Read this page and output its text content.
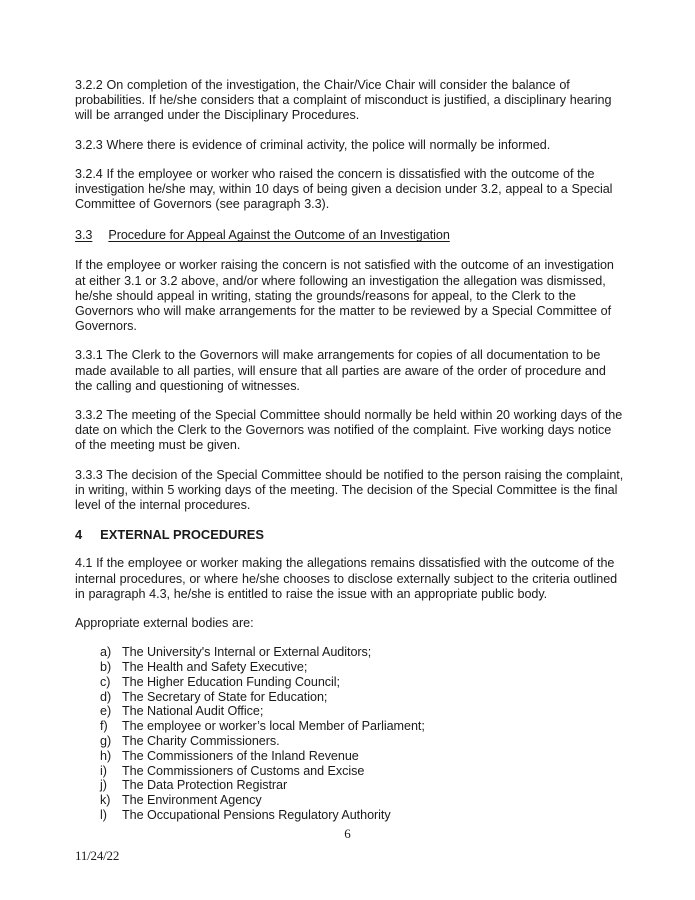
3.2.2 On completion of the investigation, the Chair/Vice Chair will consider the balance of probabilities. If he/she considers that a complaint of misconduct is justified, a disciplinary hearing will be arranged under the Disciplinary Procedures.

3.2.3 Where there is evidence of criminal activity, the police will normally be informed.

3.2.4 If the employee or worker who raised the concern is dissatisfied with the outcome of the investigation he/she may, within 10 days of being given a decision under 3.2, appeal to a Special Committee of Governors (see paragraph 3.3).

3.3 Procedure for Appeal Against the Outcome of an Investigation

If the employee or worker raising the concern is not satisfied with the outcome of an investigation at either 3.1 or 3.2 above, and/or where following an investigation the allegation was dismissed, he/she should appeal in writing, stating the grounds/reasons for appeal, to the Clerk to the Governors who will make arrangements for the matter to be reviewed by a Special Committee of Governors.

3.3.1 The Clerk to the Governors will make arrangements for copies of all documentation to be made available to all parties, will ensure that all parties are aware of the order of procedure and the calling and questioning of witnesses.

3.3.2 The meeting of the Special Committee should normally be held within 20 working days of the date on which the Clerk to the Governors was notified of the complaint. Five working days notice of the meeting must be given.

3.3.3 The decision of the Special Committee should be notified to the person raising the complaint, in writing, within 5 working days of the meeting. The decision of the Special Committee is the final level of the internal procedures.

4 EXTERNAL PROCEDURES

4.1 If the employee or worker making the allegations remains dissatisfied with the outcome of the internal procedures, or where he/she chooses to disclose externally subject to the criteria outlined in paragraph 4.3, he/she is entitled to raise the issue with an appropriate public body.

Appropriate external bodies are:

a) The University's Internal or External Auditors;
b) The Health and Safety Executive;
c) The Higher Education Funding Council;
d) The Secretary of State for Education;
e) The National Audit Office;
f)	The employee or worker’s local Member of Parliament;
g) The Charity Commissioners.
h) The Commissioners of the Inland Revenue
i)	The Commissioners of Customs and Excise
j)	The Data Protection Registrar
k) The Environment Agency
l)	The Occupational Pensions Regulatory Authority
6
11/24/22
